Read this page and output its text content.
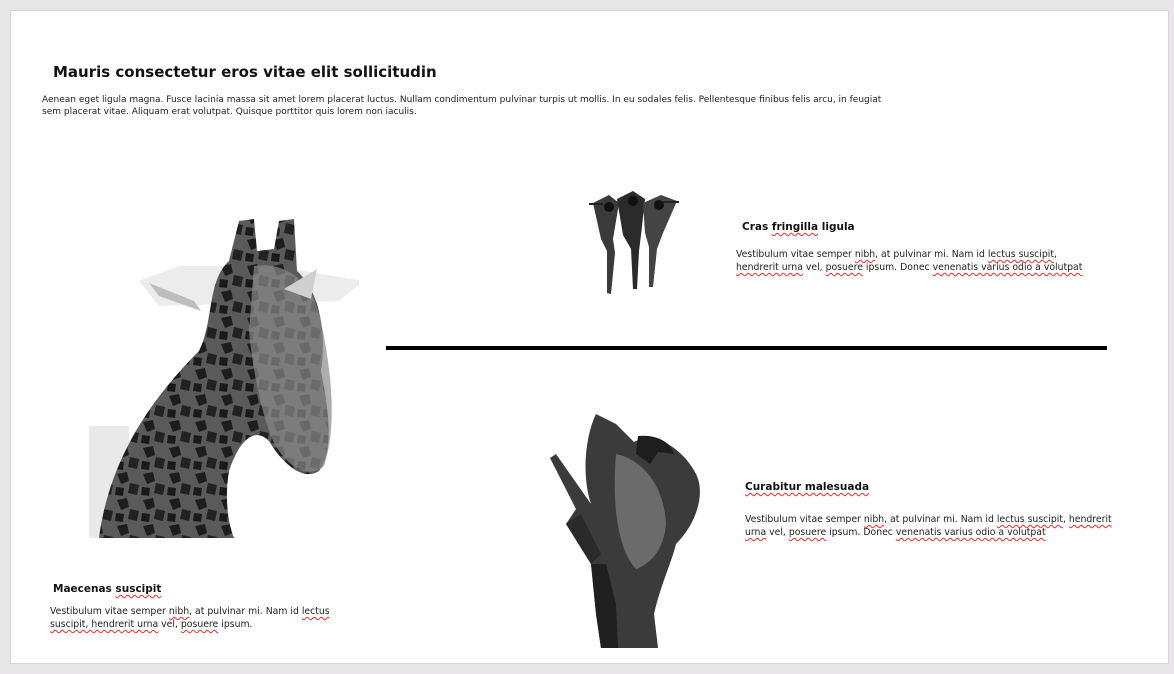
Mauris consectetur eros vitae elit sollicitudin
Aenean eget ligula magna. Fusce lacinia massa sit amet lorem placerat luctus. Nullam condimentum pulvinar turpis ut mollis. In eu sodales felis. Pellentesque finibus felis arcu, in feugiat sem placerat vitae. Aliquam erat volutpat. Quisque porttitor quis lorem non iaculis.
Cras fringilla ligula
Vestibulum vitae semper nibh, at pulvinar mi. Nam id lectus suscipit, hendrerit urna vel, posuere ipsum. Donec venenatis varius odio a volutpat
Curabitur malesuada
Vestibulum vitae semper nibh, at pulvinar mi. Nam id lectus suscipit, hendrerit urna vel, posuere ipsum. Donec venenatis varius odio a volutpat
Maecenas suscipit
Vestibulum vitae semper nibh, at pulvinar mi. Nam id lectus suscipit, hendrerit urna vel, posuere ipsum.
